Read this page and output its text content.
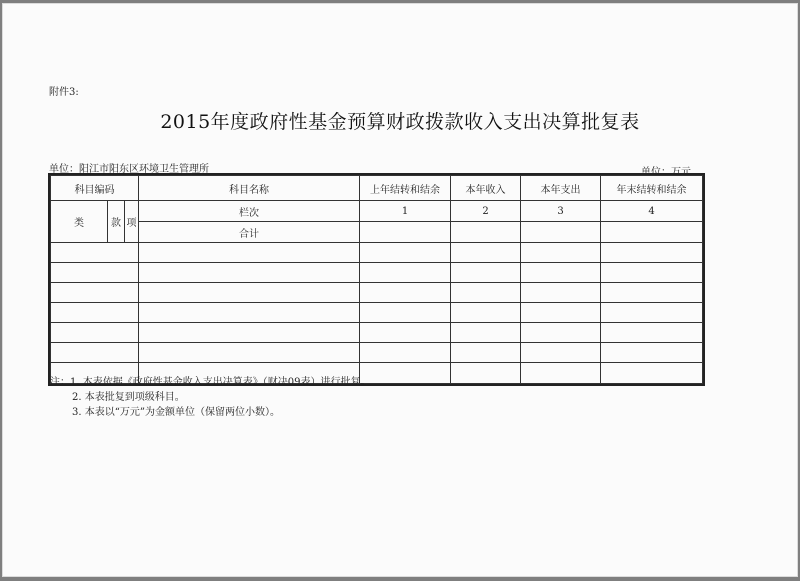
附件3:
2015年度政府性基金预算财政拨款收入支出决算批复表
单位：阳江市阳东区环境卫生管理所	单位：万元
科目编码			科目名称	上年结转和结余	本年收入	本年支出	年末结转和结余
类	款	项	栏次	1	2	3	4
			合计				

注：1. 本表依据《政府性基金收入支出决算表》（财决09表）进行批复。
2. 本表批复到项级科目。
3. 本表以“万元”为金额单位（保留两位小数）。
